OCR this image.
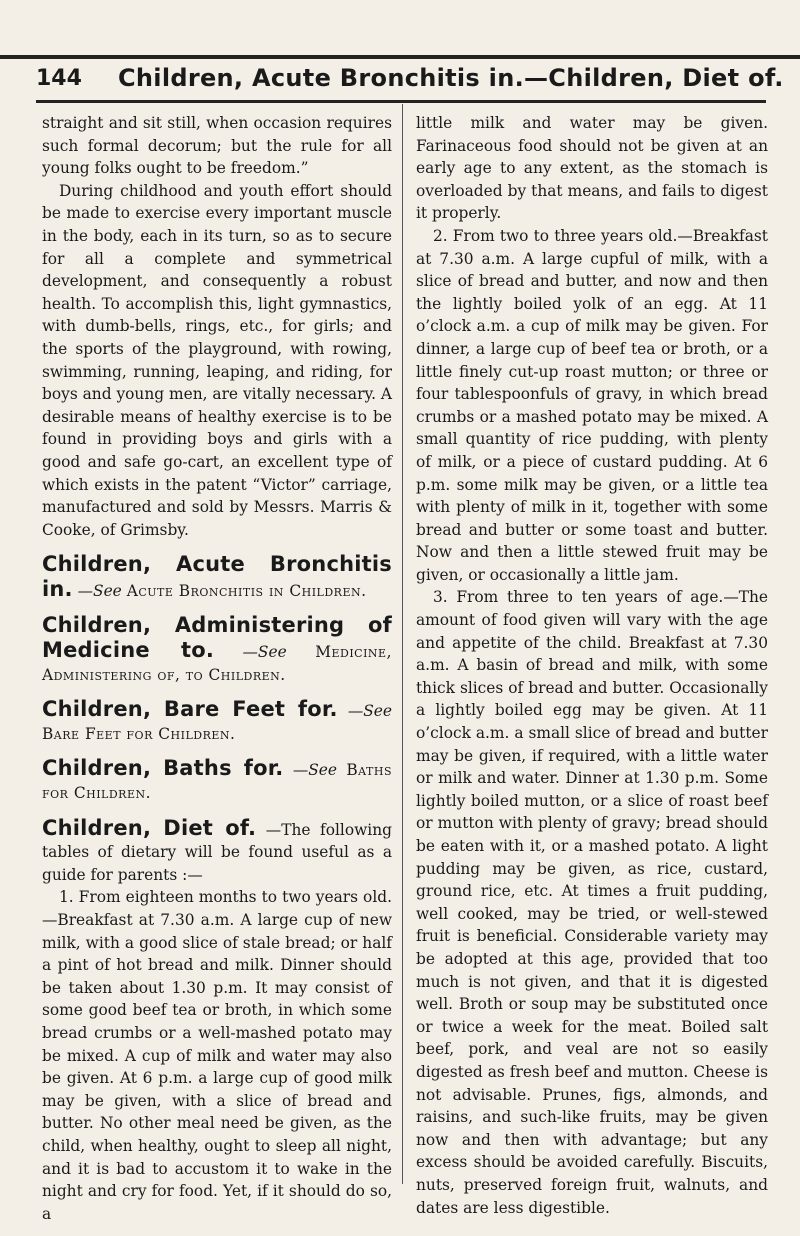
144 Children, Acute Bronchitis in.—Children, Diet of.

straight and sit still, when occasion requires such formal decorum; but the rule for all young folks ought to be freedom.”

During childhood and youth effort should be made to exercise every important muscle in the body, each in its turn, so as to secure for all a complete and symmetrical development, and consequently a robust health. To accomplish this, light gymnastics, with dumb-bells, rings, etc., for girls; and the sports of the playground, with rowing, swimming, running, leaping, and riding, for boys and young men, are vitally necessary. A desirable means of healthy exercise is to be found in providing boys and girls with a good and safe go-cart, an excellent type of which exists in the patent “Victor” carriage, manufactured and sold by Messrs. Marris & Cooke, of Grimsby.

Children, Acute Bronchitis in. —See Acute Bronchitis in Children.

Children, Administering of Medicine to. —See Medicine, Administering of, to Children.

Children, Bare Feet for. —See Bare Feet for Children.

Children, Baths for. —See Baths for Children.

Children, Diet of. —The following tables of dietary will be found useful as a guide for parents :—

1. From eighteen months to two years old.—Breakfast at 7.30 a.m. A large cup of new milk, with a good slice of stale bread; or half a pint of hot bread and milk. Dinner should be taken about 1.30 p.m. It may consist of some good beef tea or broth, in which some bread crumbs or a well-mashed potato may be mixed. A cup of milk and water may also be given. At 6 p.m. a large cup of good milk may be given, with a slice of bread and butter. No other meal need be given, as the child, when healthy, ought to sleep all night, and it is bad to accustom it to wake in the night and cry for food. Yet, if it should do so, a

little milk and water may be given. Farinaceous food should not be given at an early age to any extent, as the stomach is overloaded by that means, and fails to digest it properly.

2. From two to three years old.—Breakfast at 7.30 a.m. A large cupful of milk, with a slice of bread and butter, and now and then the lightly boiled yolk of an egg. At 11 o’clock a.m. a cup of milk may be given. For dinner, a large cup of beef tea or broth, or a little finely cut-up roast mutton; or three or four tablespoonfuls of gravy, in which bread crumbs or a mashed potato may be mixed. A small quantity of rice pudding, with plenty of milk, or a piece of custard pudding. At 6 p.m. some milk may be given, or a little tea with plenty of milk in it, together with some bread and butter or some toast and butter. Now and then a little stewed fruit may be given, or occasionally a little jam.

3. From three to ten years of age.—The amount of food given will vary with the age and appetite of the child. Breakfast at 7.30 a.m. A basin of bread and milk, with some thick slices of bread and butter. Occasionally a lightly boiled egg may be given. At 11 o’clock a.m. a small slice of bread and butter may be given, if required, with a little water or milk and water. Dinner at 1.30 p.m. Some lightly boiled mutton, or a slice of roast beef or mutton with plenty of gravy; bread should be eaten with it, or a mashed potato. A light pudding may be given, as rice, custard, ground rice, etc. At times a fruit pudding, well cooked, may be tried, or well-stewed fruit is beneficial. Considerable variety may be adopted at this age, provided that too much is not given, and that it is digested well. Broth or soup may be substituted once or twice a week for the meat. Boiled salt beef, pork, and veal are not so easily digested as fresh beef and mutton. Cheese is not advisable. Prunes, figs, almonds, and raisins, and such-like fruits, may be given now and then with advantage; but any excess should be avoided carefully. Biscuits, nuts, preserved foreign fruit, walnuts, and dates are less digestible.
